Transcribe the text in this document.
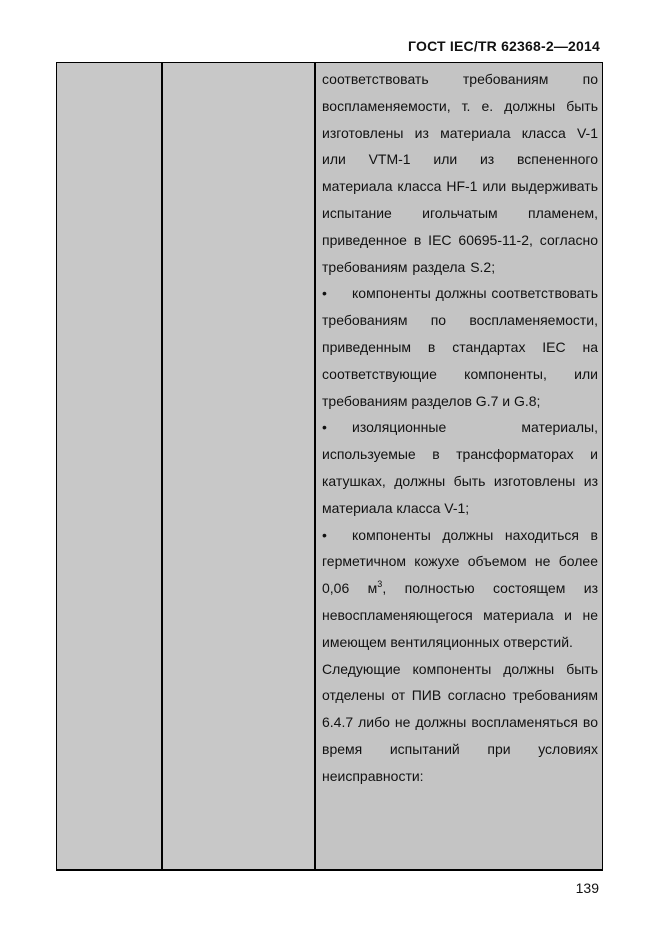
ГОСТ IEC/TR 62368-2—2014

соответствовать требованиям по воспламеняемости, т. е. должны быть изготовлены из материала класса V-1 или VTM-1 или из вспененного материала класса HF-1 или выдерживать испытание игольчатым пламенем, приведенное в IEC 60695-11-2, согласно требованиям раздела S.2;

• компоненты должны соответствовать требованиям по воспламеняемости, приведенным в стандартах IEC на соответствующие компоненты, или требованиям разделов G.7 и G.8;

• изоляционные материалы, используемые в трансформаторах и катушках, должны быть изготовлены из материала класса V-1;

• компоненты должны находиться в герметичном кожухе объемом не более 0,06 $м^3$, полностью состоящем из невоспламеняющегося материала и не имеющем вентиляционных отверстий.

Следующие компоненты должны быть отделены от ПИВ согласно требованиям 6.4.7 либо не должны воспламеняться во время испытаний при условиях неисправности:

139
